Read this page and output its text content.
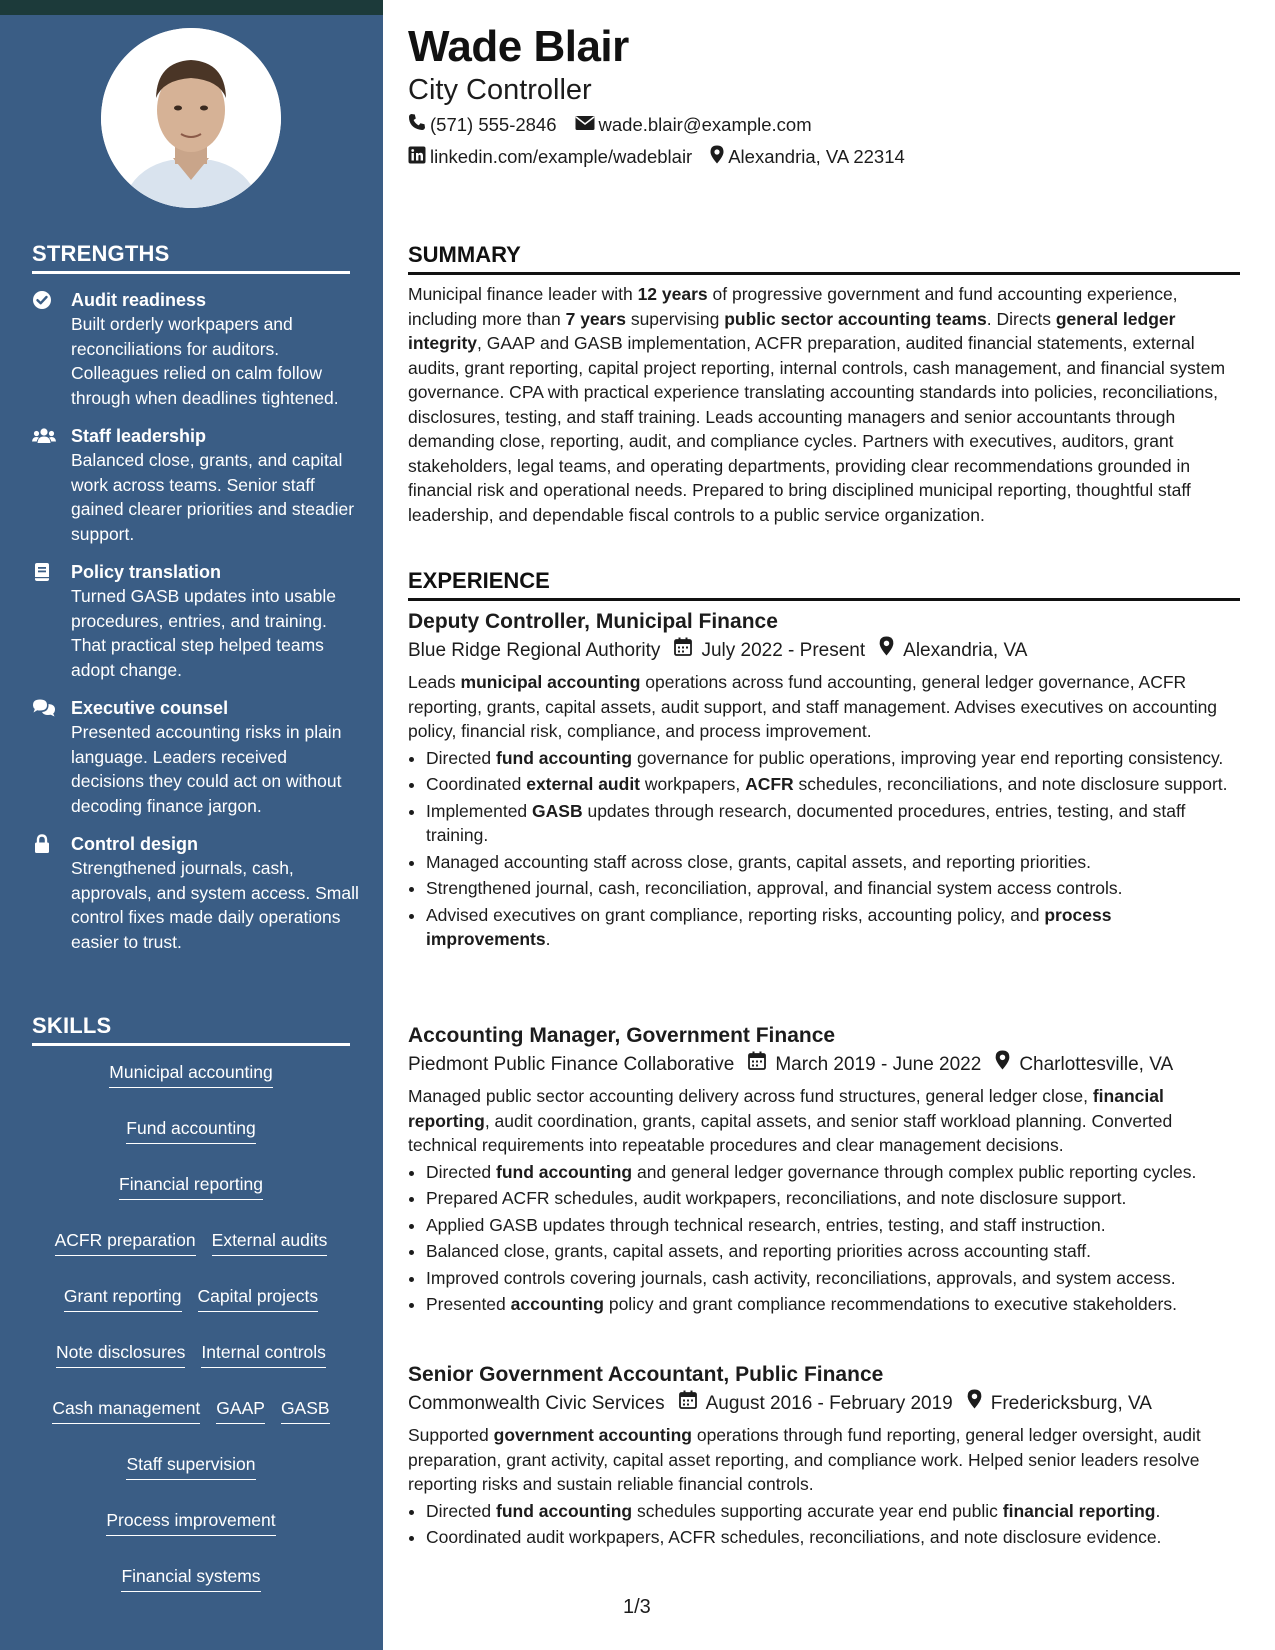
STRENGTHS
Audit readiness
Built orderly workpapers and reconciliations for auditors. Colleagues relied on calm follow through when deadlines tightened.
Staff leadership
Balanced close, grants, and capital work across teams. Senior staff gained clearer priorities and steadier support.
Policy translation
Turned GASB updates into usable procedures, entries, and training. That practical step helped teams adopt change.
Executive counsel
Presented accounting risks in plain language. Leaders received decisions they could act on without decoding finance jargon.
Control design
Strengthened journals, cash, approvals, and system access. Small control fixes made daily operations easier to trust.
SKILLS
Municipal accounting
Fund accounting
Financial reporting
ACFR preparation External audits
Grant reporting Capital projects
Note disclosures Internal controls
Cash management GAAP GASB
Staff supervision
Process improvement
Financial systems
Wade Blair
City Controller
(571) 555-2846 wade.blair@example.com
linkedin.com/example/wadeblair Alexandria, VA 22314
SUMMARY
Municipal finance leader with 12 years of progressive government and fund accounting experience, including more than 7 years supervising public sector accounting teams. Directs general ledger integrity, GAAP and GASB implementation, ACFR preparation, audited financial statements, external audits, grant reporting, capital project reporting, internal controls, cash management, and financial system governance. CPA with practical experience translating accounting standards into policies, reconciliations, disclosures, testing, and staff training. Leads accounting managers and senior accountants through demanding close, reporting, audit, and compliance cycles. Partners with executives, auditors, grant stakeholders, legal teams, and operating departments, providing clear recommendations grounded in financial risk and operational needs. Prepared to bring disciplined municipal reporting, thoughtful staff leadership, and dependable fiscal controls to a public service organization.
EXPERIENCE
Deputy Controller, Municipal Finance
Blue Ridge Regional Authority July 2022 - Present Alexandria, VA
Leads municipal accounting operations across fund accounting, general ledger governance, ACFR reporting, grants, capital assets, audit support, and staff management. Advises executives on accounting policy, financial risk, compliance, and process improvement.
• Directed fund accounting governance for public operations, improving year end reporting consistency.
• Coordinated external audit workpapers, ACFR schedules, reconciliations, and note disclosure support.
• Implemented GASB updates through research, documented procedures, entries, testing, and staff training.
• Managed accounting staff across close, grants, capital assets, and reporting priorities.
• Strengthened journal, cash, reconciliation, approval, and financial system access controls.
• Advised executives on grant compliance, reporting risks, accounting policy, and process improvements.
Accounting Manager, Government Finance
Piedmont Public Finance Collaborative March 2019 - June 2022 Charlottesville, VA
Managed public sector accounting delivery across fund structures, general ledger close, financial reporting, audit coordination, grants, capital assets, and senior staff workload planning. Converted technical requirements into repeatable procedures and clear management decisions.
• Directed fund accounting and general ledger governance through complex public reporting cycles.
• Prepared ACFR schedules, audit workpapers, reconciliations, and note disclosure support.
• Applied GASB updates through technical research, entries, testing, and staff instruction.
• Balanced close, grants, capital assets, and reporting priorities across accounting staff.
• Improved controls covering journals, cash activity, reconciliations, approvals, and system access.
• Presented accounting policy and grant compliance recommendations to executive stakeholders.
Senior Government Accountant, Public Finance
Commonwealth Civic Services August 2016 - February 2019 Fredericksburg, VA
Supported government accounting operations through fund reporting, general ledger oversight, audit preparation, grant activity, capital asset reporting, and compliance work. Helped senior leaders resolve reporting risks and sustain reliable financial controls.
• Directed fund accounting schedules supporting accurate year end public financial reporting.
• Coordinated audit workpapers, ACFR schedules, reconciliations, and note disclosure evidence.
1/3
